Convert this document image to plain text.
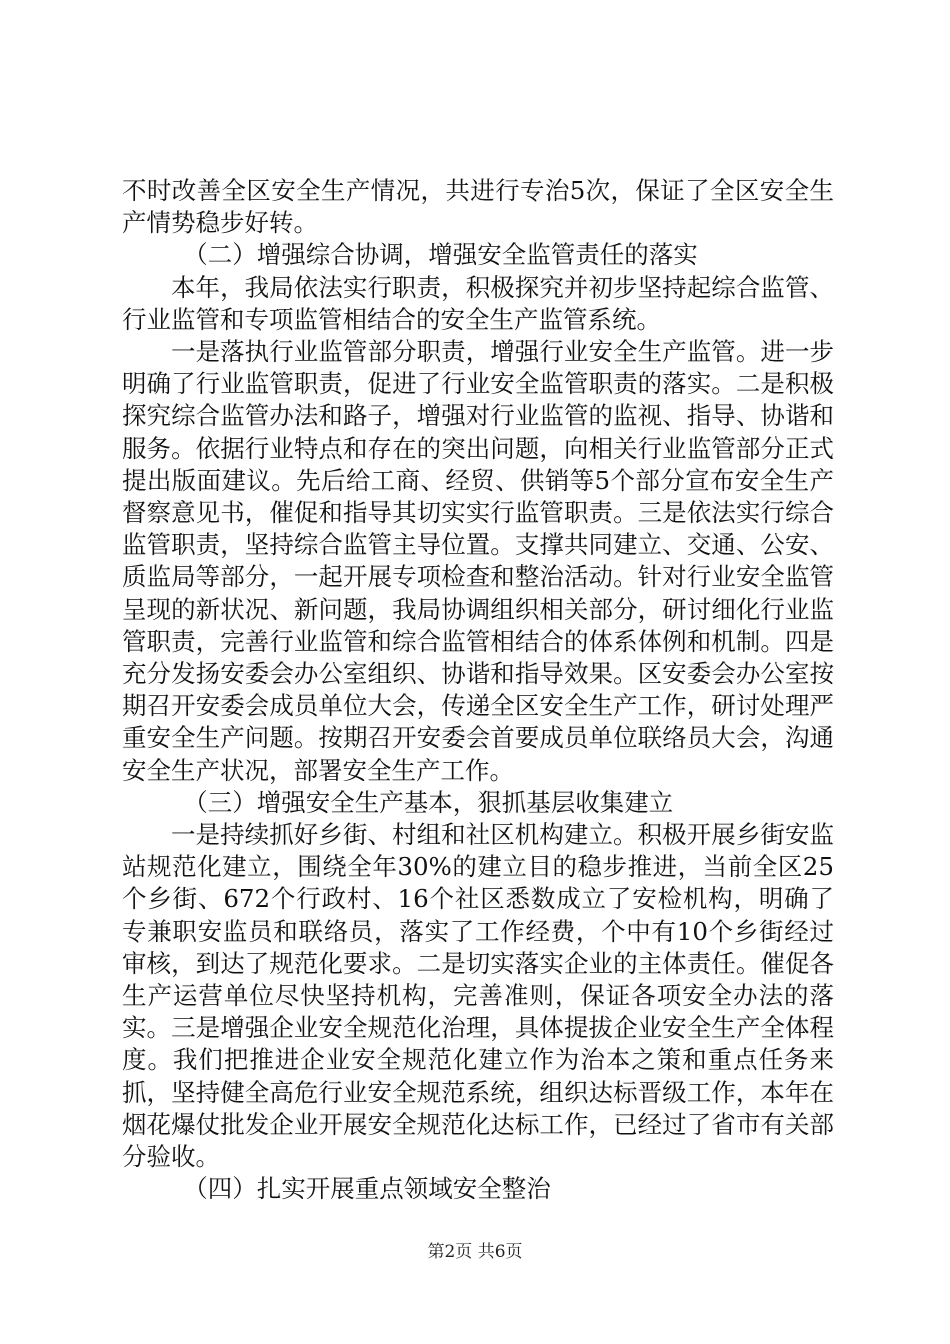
不时改善全区安全生产情况，共进行专治5次，保证了全区安全生产情势稳步好转。

（二）增强综合协调，增强安全监管责任的落实

本年，我局依法实行职责，积极探究并初步坚持起综合监管、行业监管和专项监管相结合的安全生产监管系统。

一是落执行业监管部分职责，增强行业安全生产监管。进一步明确了行业监管职责，促进了行业安全监管职责的落实。二是积极探究综合监管办法和路子，增强对行业监管的监视、指导、协谐和服务。依据行业特点和存在的突出问题，向相关行业监管部分正式提出版面建议。先后给工商、经贸、供销等5个部分宣布安全生产督察意见书，催促和指导其切实实行监管职责。三是依法实行综合监管职责，坚持综合监管主导位置。支撑共同建立、交通、公安、质监局等部分，一起开展专项检查和整治活动。针对行业安全监管呈现的新状况、新问题，我局协调组织相关部分，研讨细化行业监管职责，完善行业监管和综合监管相结合的体系体例和机制。四是充分发扬安委会办公室组织、协谐和指导效果。区安委会办公室按期召开安委会成员单位大会，传递全区安全生产工作，研讨处理严重安全生产问题。按期召开安委会首要成员单位联络员大会，沟通安全生产状况，部署安全生产工作。

（三）增强安全生产基本，狠抓基层收集建立

一是持续抓好乡街、村组和社区机构建立。积极开展乡街安监站规范化建立，围绕全年30%的建立目的稳步推进，当前全区25个乡街、672个行政村、16个社区悉数成立了安检机构，明确了专兼职安监员和联络员，落实了工作经费，个中有10个乡街经过审核，到达了规范化要求。二是切实落实企业的主体责任。催促各生产运营单位尽快坚持机构，完善准则，保证各项安全办法的落实。三是增强企业安全规范化治理，具体提拔企业安全生产全体程度。我们把推进企业安全规范化建立作为治本之策和重点任务来抓，坚持健全高危行业安全规范系统，组织达标晋级工作，本年在烟花爆仗批发企业开展安全规范化达标工作，已经过了省市有关部分验收。

（四）扎实开展重点领域安全整治

第2页 共6页
